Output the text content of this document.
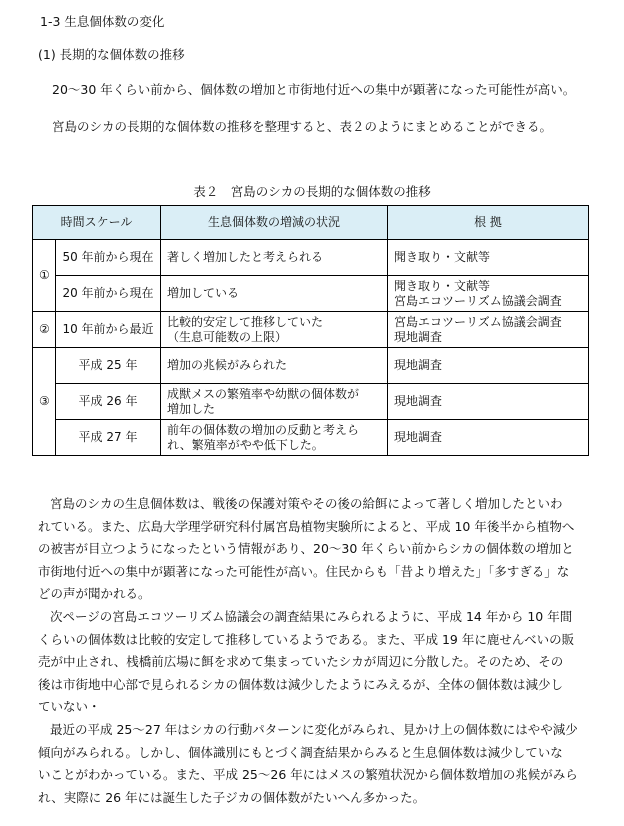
1-3 生息個体数の変化
(1) 長期的な個体数の推移
20～30 年くらい前から、個体数の増加と市街地付近への集中が顕著になった可能性が高い。
宮島のシカの長期的な個体数の推移を整理すると、表２のようにまとめることができる。
表２　宮島のシカの長期的な個体数の推移
時間スケール		生息個体数の増減の状況	根 拠
①	50 年前から現在	著しく増加したと考えられる	聞き取り・文献等
	20 年前から現在	増加している	聞き取り・文献等
宮島エコツーリズム協議会調査
②	10 年前から最近	比較的安定して推移していた
（生息可能数の上限）	宮島エコツーリズム協議会調査
現地調査
③	平成 25 年	増加の兆候がみられた	現地調査
	平成 26 年	成獣メスの繁殖率や幼獣の個体数が
増加した	現地調査
	平成 27 年	前年の個体数の増加の反動と考えら
れ、繁殖率がやや低下した。	現地調査
宮島のシカの生息個体数は、戦後の保護対策やその後の給餌によって著しく増加したといわ
れている。また、広島大学理学研究科付属宮島植物実験所によると、平成 10 年後半から植物へ
の被害が目立つようになったという情報があり、20～30 年くらい前からシカの個体数の増加と
市街地付近への集中が顕著になった可能性が高い。住民からも「昔より増えた」「多すぎる」な
どの声が聞かれる。
次ページの宮島エコツーリズム協議会の調査結果にみられるように、平成 14 年から 10 年間
くらいの個体数は比較的安定して推移しているようである。また、平成 19 年に鹿せんべいの販
売が中止され、桟橋前広場に餌を求めて集まっていたシカが周辺に分散した。そのため、その
後は市街地中心部で見られるシカの個体数は減少したようにみえるが、全体の個体数は減少し
ていない・
最近の平成 25～27 年はシカの行動パターンに変化がみられ、見かけ上の個体数にはやや減少
傾向がみられる。しかし、個体識別にもとづく調査結果からみると生息個体数は減少していな
いことがわかっている。また、平成 25～26 年にはメスの繁殖状況から個体数増加の兆候がみら
れ、実際に 26 年には誕生した子ジカの個体数がたいへん多かった。
